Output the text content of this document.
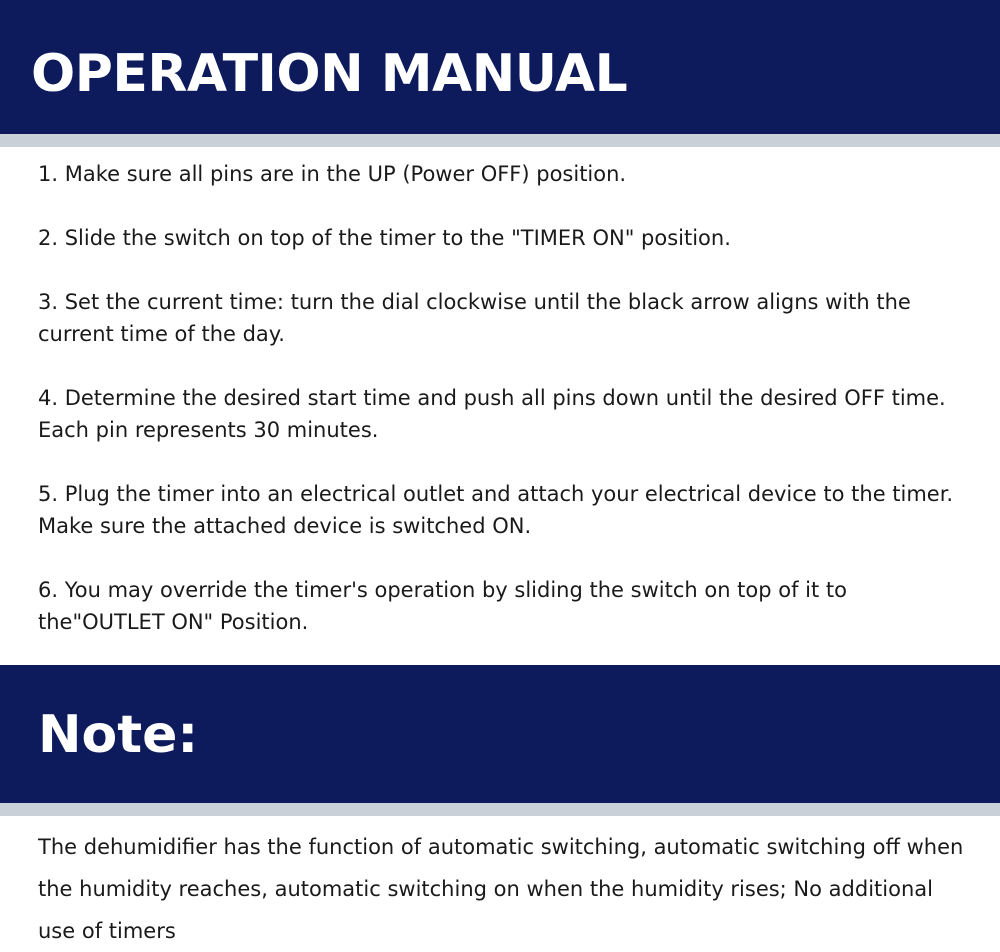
OPERATION MANUAL
1. Make sure all pins are in the UP (Power OFF) position.
2. Slide the switch on top of the timer to the "TIMER ON" position.
3. Set the current time: turn the dial clockwise until the black arrow aligns with the current time of the day.
4. Determine the desired start time and push all pins down until the desired OFF time. Each pin represents 30 minutes.
5. Plug the timer into an electrical outlet and attach your electrical device to the timer. Make sure the attached device is switched ON.
6. You may override the timer's operation by sliding the switch on top of it to the"OUTLET ON" Position.
Note:

The dehumidifier has the function of automatic switching, automatic switching off when the humidity reaches, automatic switching on when the humidity rises; No additional use of timers
